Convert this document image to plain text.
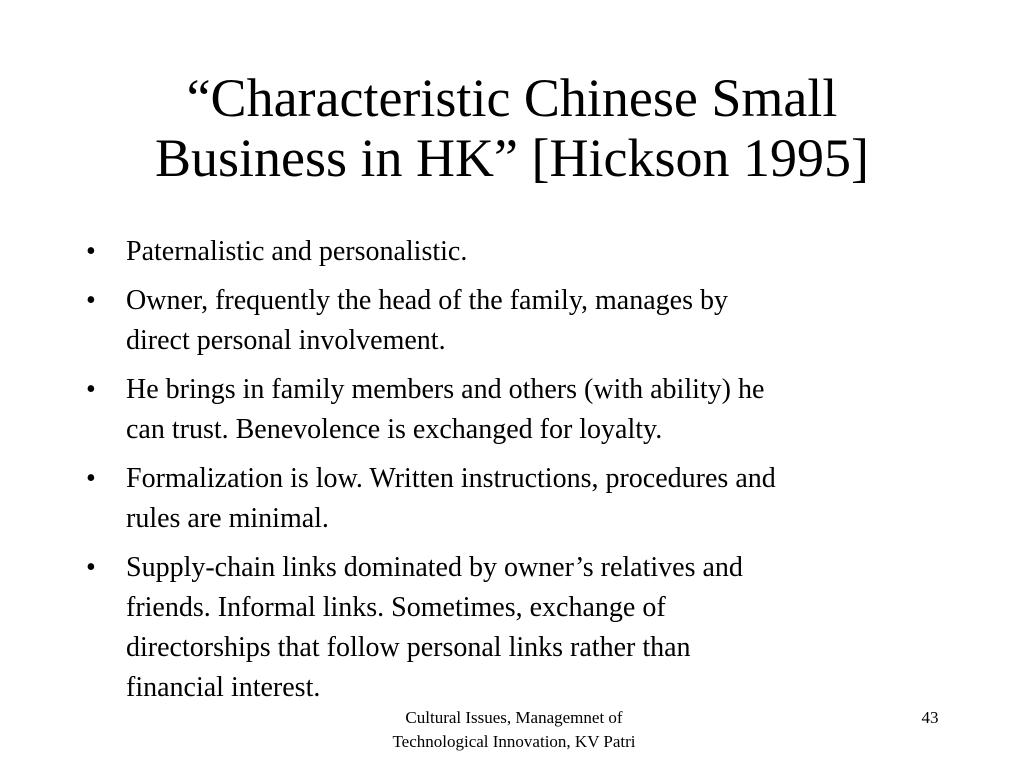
“Characteristic Chinese Small
Business in HK” [Hickson 1995]
•	Paternalistic and personalistic.
•	Owner, frequently the head of the family, manages by
direct personal involvement.
•	He brings in family members and others (with ability) he
can trust. Benevolence is exchanged for loyalty.
•	Formalization is low. Written instructions, procedures and
rules are minimal.
•	Supply-chain links dominated by owner’s relatives and
friends. Informal links. Sometimes, exchange of
directorships that follow personal links rather than
financial interest.
Cultural Issues, Managemnet of
Technological Innovation, KV Patri
43
